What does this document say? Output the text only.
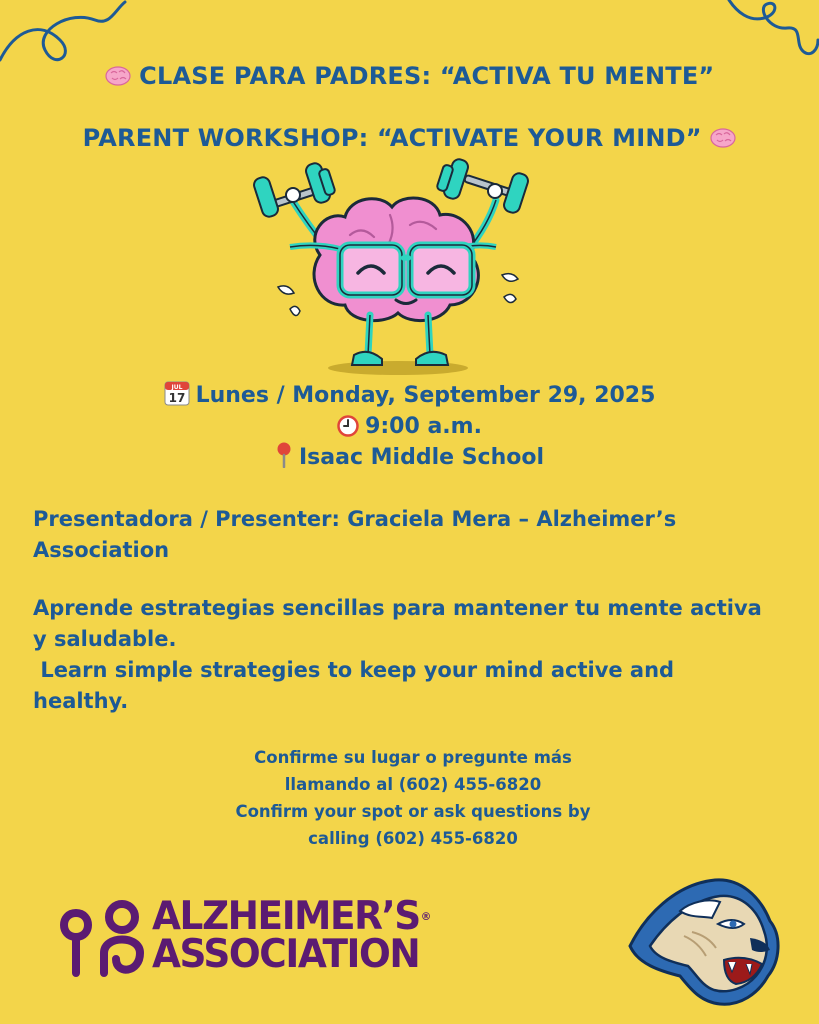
CLASE PARA PADRES: “ACTIVA TU MENTE”
PARENT WORKSHOP: “ACTIVATE YOUR MIND”
JUL
17 Lunes / Monday, September 29, 2025
9:00 a.m.
Isaac Middle School
Presentadora / Presenter: Graciela Mera – Alzheimer’s Association
Aprende estrategias sencillas para mantener tu mente activa y saludable.
Learn simple strategies to keep your mind active and healthy.
Confirme su lugar o pregunte más
llamando al (602) 455-6820
Confirm your spot or ask questions by
calling (602) 455-6820
ALZHEIMER’S®
ASSOCIATION
